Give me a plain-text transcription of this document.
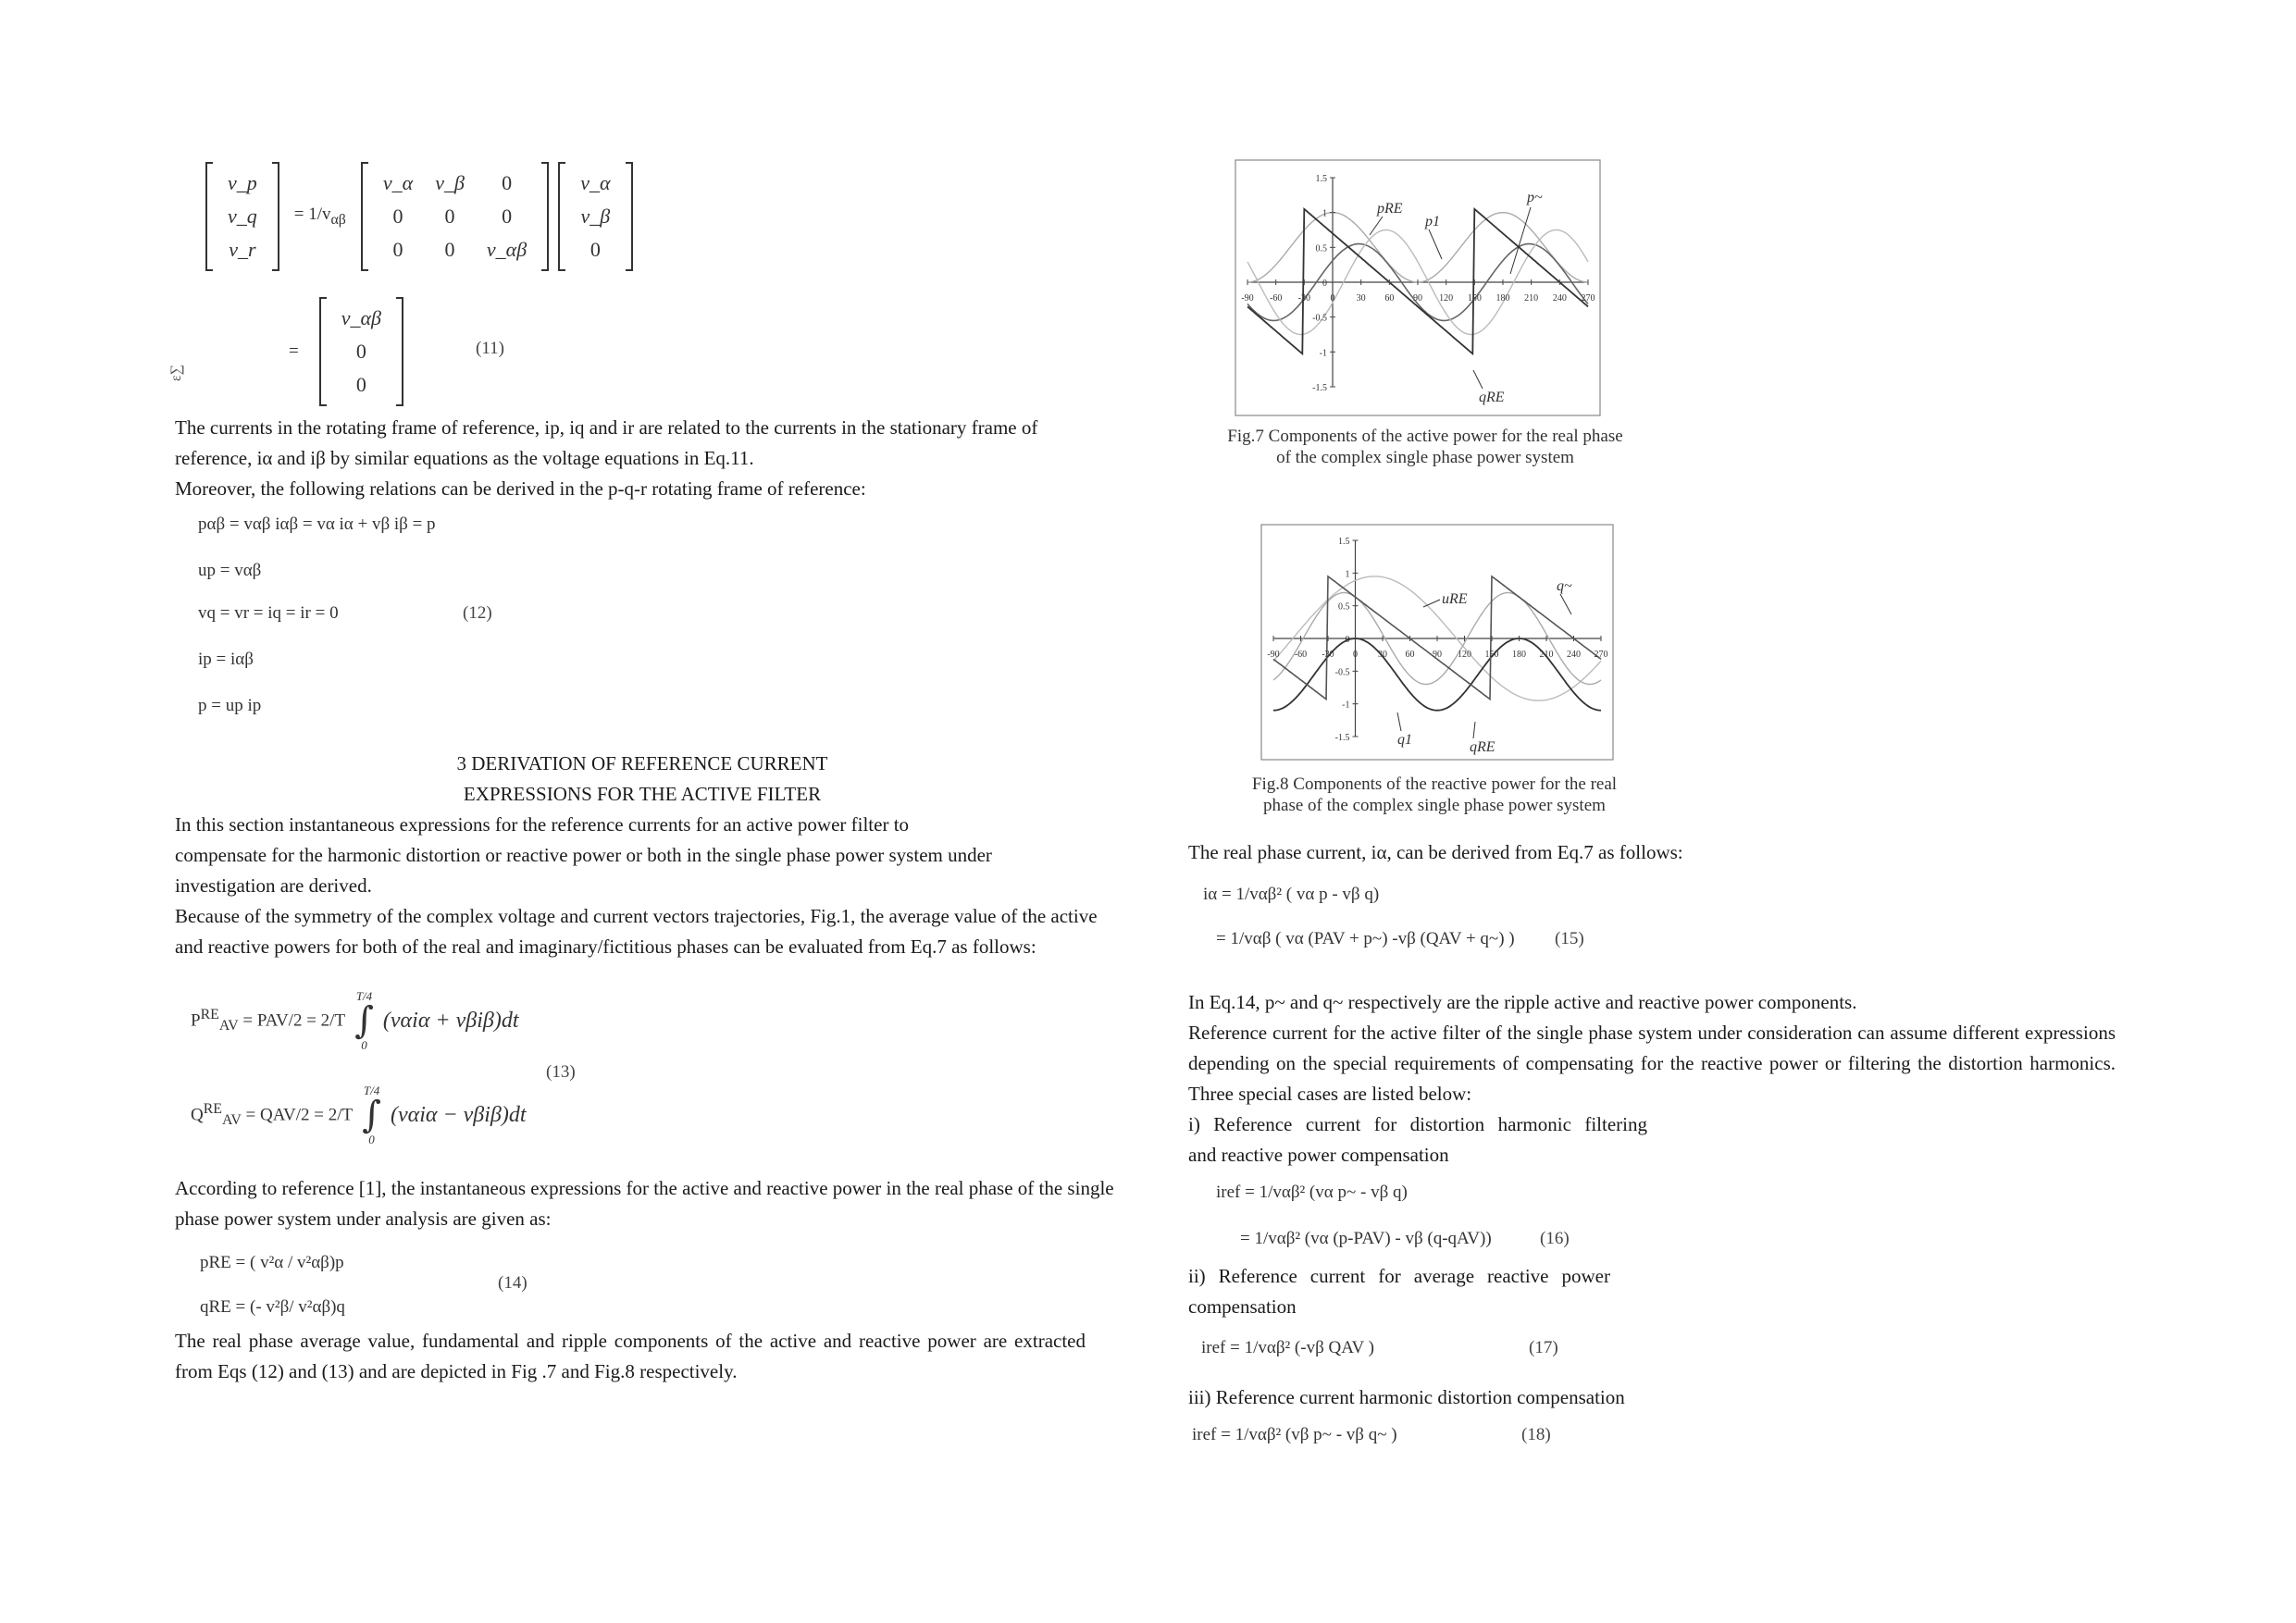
v_p
v_q
v_r
= $1/v_{\alpha\beta}$
v_α	v_β	0
0	0	0
0	0	v_αβ

v_α
v_β
0
=
v_αβ
0
0
(11)
ε∑
The currents in the rotating frame of reference, ip, iq and ir are related to the currents in the stationary frame of reference, iα and iβ by similar equations as the voltage equations in Eq.11.
Moreover, the following relations can be derived in the p-q-r rotating frame of reference:
pαβ = vαβ iαβ = vα iα + vβ iβ = p
up = vαβ
vq = vr = iq = ir = 0	(12)
ip = iαβ
p = up ip
3 DERIVATION OF REFERENCE CURRENT
EXPRESSIONS FOR THE ACTIVE FILTER
In this section instantaneous expressions for the reference currents for an active power filter to
compensate for the harmonic distortion or reactive power or both in the single phase power system under investigation are derived.
Because of the symmetry of the complex voltage and current vectors trajectories, Fig.1, the average value of the active and reactive powers for both of the real and imaginary/fictitious phases can be evaluated from Eq.7 as follows:
$P^{RE}_{AV} = PAV/2 = 2/T$
T/4
∫
0
(vαiα + vβiβ)dt
(13)
$Q^{RE}_{AV} = QAV/2 = 2/T$
T/4
∫
0
(vαiα − vβiβ)dt
According to reference [1], the instantaneous expressions for the active and reactive power in the real phase of the single phase power system under analysis are given as:
pRE = ( v²α / v²αβ)p
(14)
qRE = (- v²β/ v²αβ)q
The real phase average value, fundamental and ripple components of the active and reactive power are extracted from Eqs (12) and (13) and are depicted in Fig .7 and Fig.8 respectively.
-90 -60 -30 0 30 60 90 120 150 180 210 240 270
1.5
1
0.5
-0.5
-1
-1.5
0
pRE
p1
p~
qRE
Fig.7 Components of the active power for the real phase
of the complex single phase power system
-90 -60 -30 0 30 60 90 120 150 180 210 240 270
1.5
1
0.5
-0.5
-1
-1.5
0
uRE
q~
q1	qRE
Fig.8 Components of the reactive power for the real
phase of the complex single phase power system
The real phase current, iα, can be derived from Eq.7 as follows:
iα = 1/vαβ² ( vα p - vβ q)
= 1/vαβ ( vα (PAV + p~) -vβ (QAV + q~) ) (15)
In Eq.14, p~ and q~ respectively are the ripple active and reactive power components.
Reference current for the active filter of the single phase system under consideration can assume different expressions depending on the special requirements of compensating for the reactive power or filtering the distortion harmonics. Three special cases are listed below:
i) Reference current for distortion harmonic filtering
and reactive power compensation
iref = 1/vαβ² (vα p~ - vβ q)
= 1/vαβ² (vα (p-PAV) - vβ (q-qAV))	(16)
ii) Reference current for average reactive power
compensation
iref = 1/vαβ² (-vβ QAV )	(17)
iii) Reference current harmonic distortion compensation
iref = 1/vαβ² (vβ p~ - vβ q~ )	(18)
